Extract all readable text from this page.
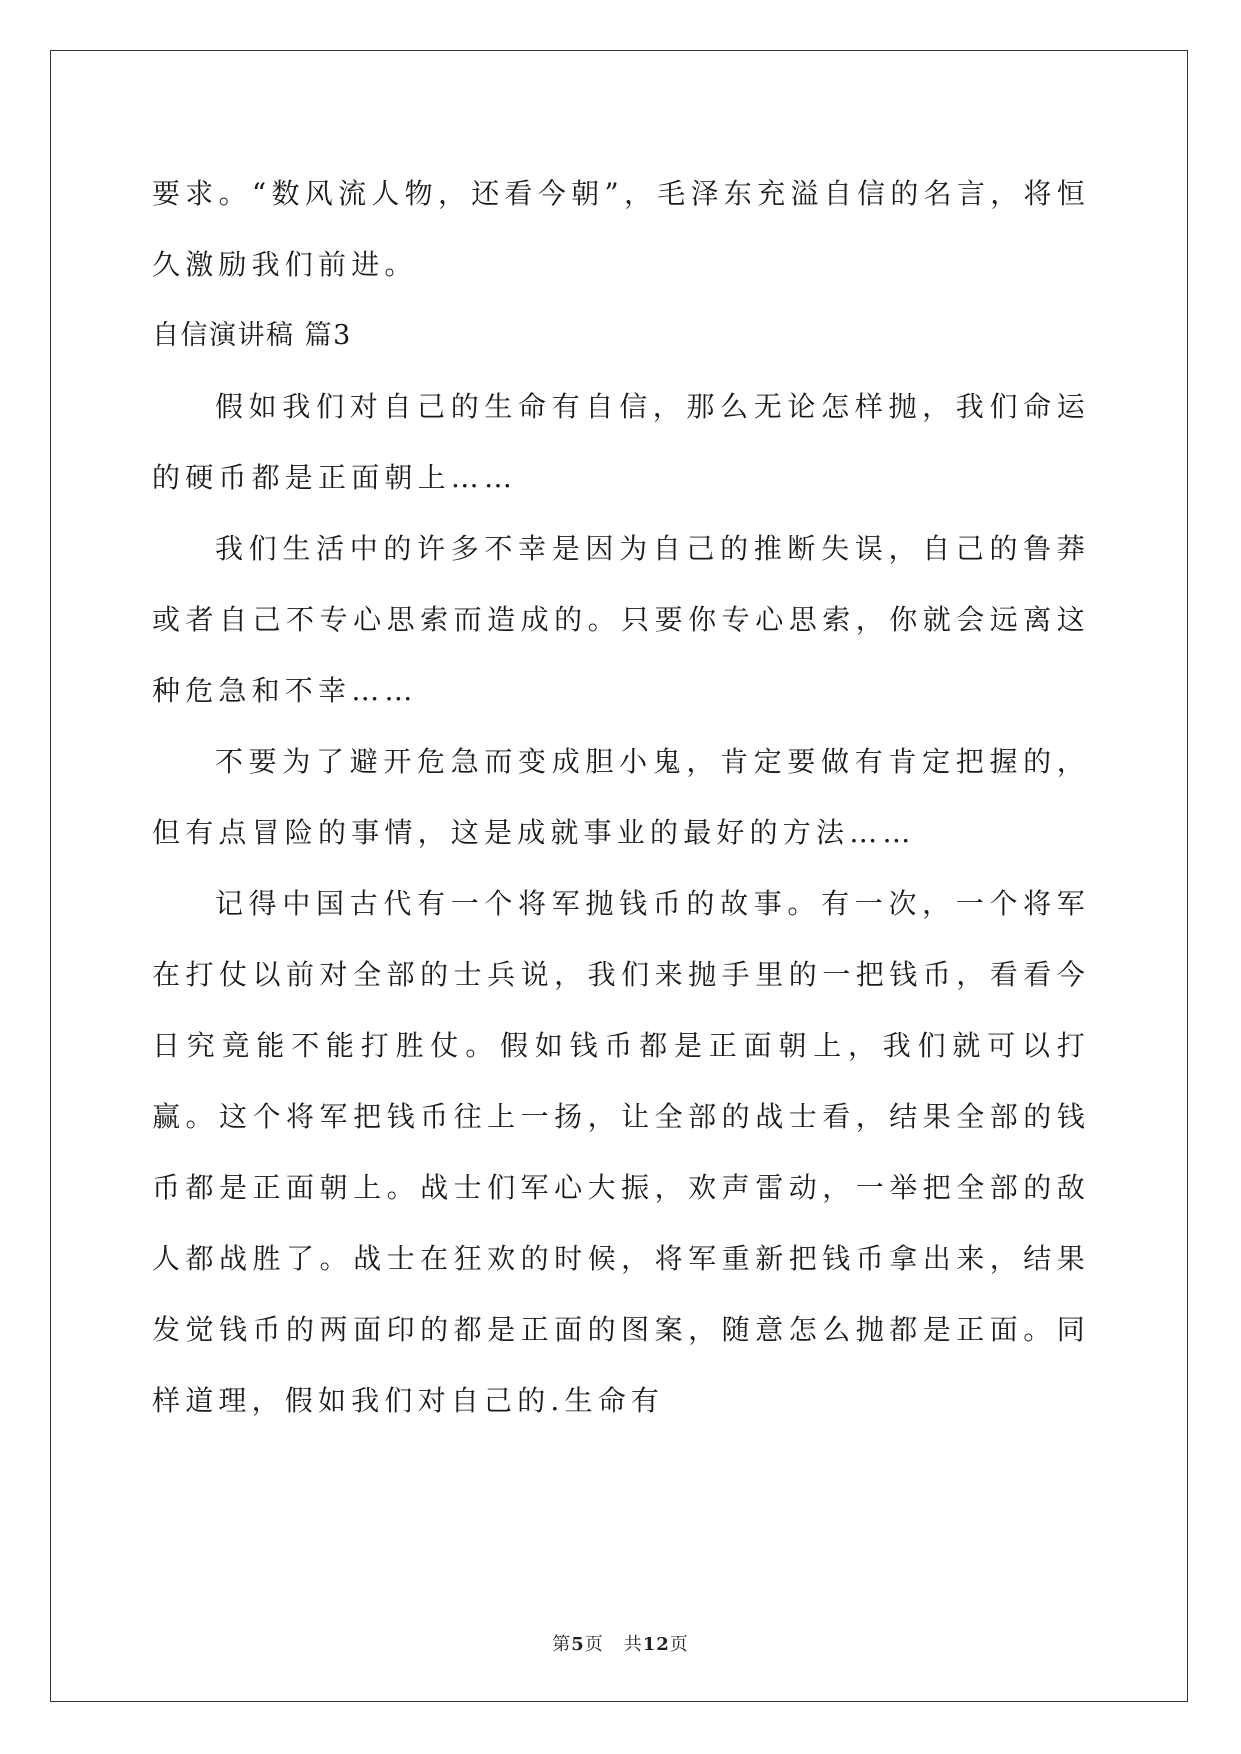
要求。“数风流人物，还看今朝”，毛泽东充溢自信的名言，将恒久激励我们前进。

自信演讲稿 篇3

假如我们对自己的生命有自信，那么无论怎样抛，我们命运的硬币都是正面朝上……

我们生活中的许多不幸是因为自己的推断失误，自己的鲁莽或者自己不专心思索而造成的。只要你专心思索，你就会远离这种危急和不幸……

不要为了避开危急而变成胆小鬼，肯定要做有肯定把握的，但有点冒险的事情，这是成就事业的最好的方法……

记得中国古代有一个将军抛钱币的故事。有一次，一个将军在打仗以前对全部的士兵说，我们来抛手里的一把钱币，看看今日究竟能不能打胜仗。假如钱币都是正面朝上，我们就可以打赢。这个将军把钱币往上一扬，让全部的战士看，结果全部的钱币都是正面朝上。战士们军心大振，欢声雷动，一举把全部的敌人都战胜了。战士在狂欢的时候，将军重新把钱币拿出来，结果发觉钱币的两面印的都是正面的图案，随意怎么抛都是正面。同样道理，假如我们对自己的.生命有

第5页 共12页
